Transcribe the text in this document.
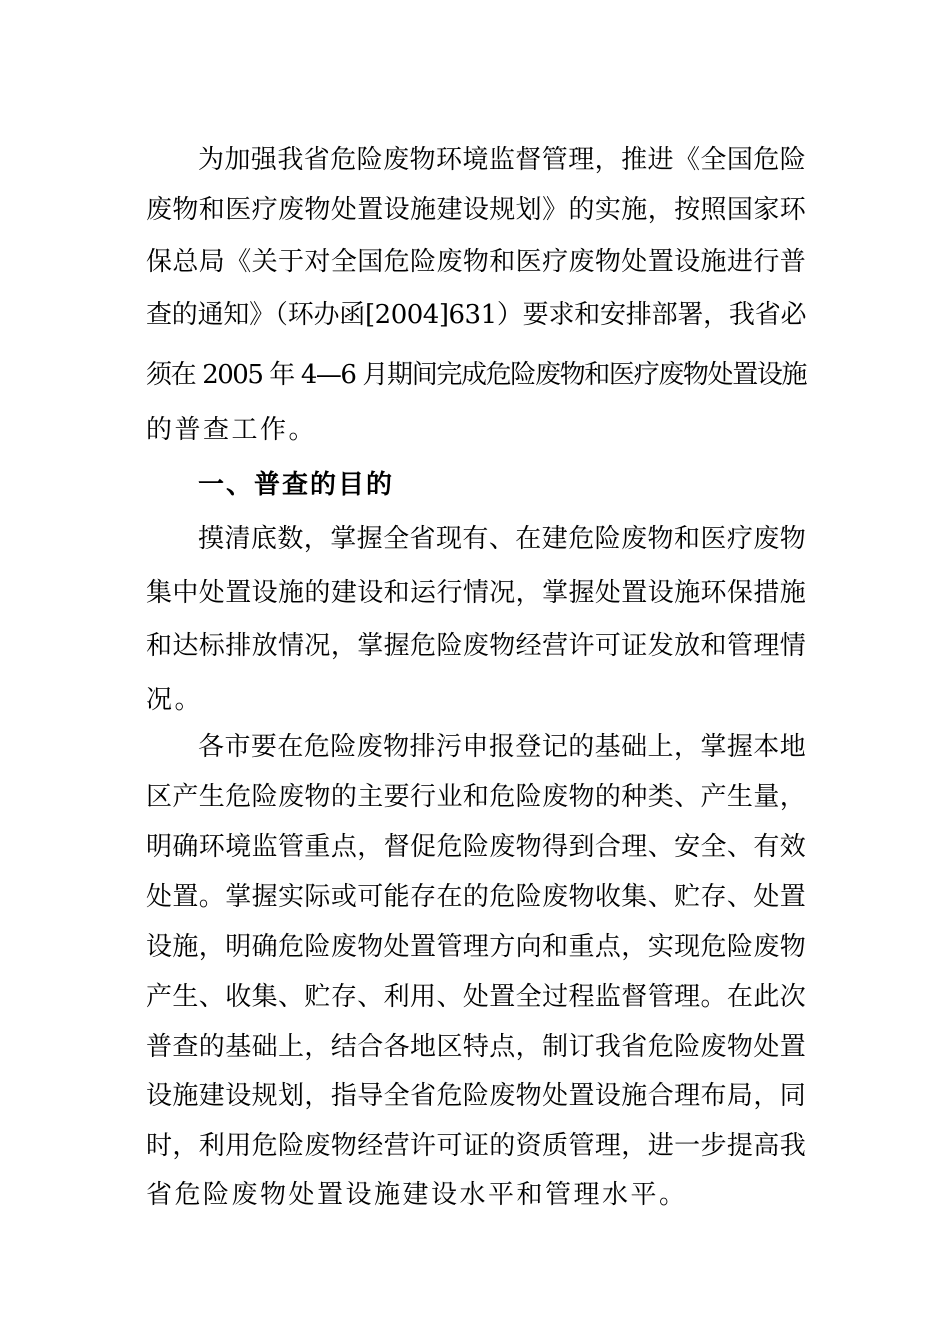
为加强我省危险废物环境监督管理，推进《全国危险
废物和医疗废物处置设施建设规划》的实施，按照国家环
保总局《关于对全国危险废物和医疗废物处置设施进行普
查的通知》（环办函[2004]631）要求和安排部署，我省必
须在 2005 年 4—6 月期间完成危险废物和医疗废物处置设施
的普查工作。
一、普查的目的
摸清底数，掌握全省现有、在建危险废物和医疗废物
集中处置设施的建设和运行情况，掌握处置设施环保措施
和达标排放情况，掌握危险废物经营许可证发放和管理情
况。
各市要在危险废物排污申报登记的基础上，掌握本地
区产生危险废物的主要行业和危险废物的种类、产生量，
明确环境监管重点，督促危险废物得到合理、安全、有效
处置。掌握实际或可能存在的危险废物收集、贮存、处置
设施，明确危险废物处置管理方向和重点，实现危险废物
产生、收集、贮存、利用、处置全过程监督管理。在此次
普查的基础上，结合各地区特点，制订我省危险废物处置
设施建设规划，指导全省危险废物处置设施合理布局，同
时，利用危险废物经营许可证的资质管理，进一步提高我
省危险废物处置设施建设水平和管理水平。
